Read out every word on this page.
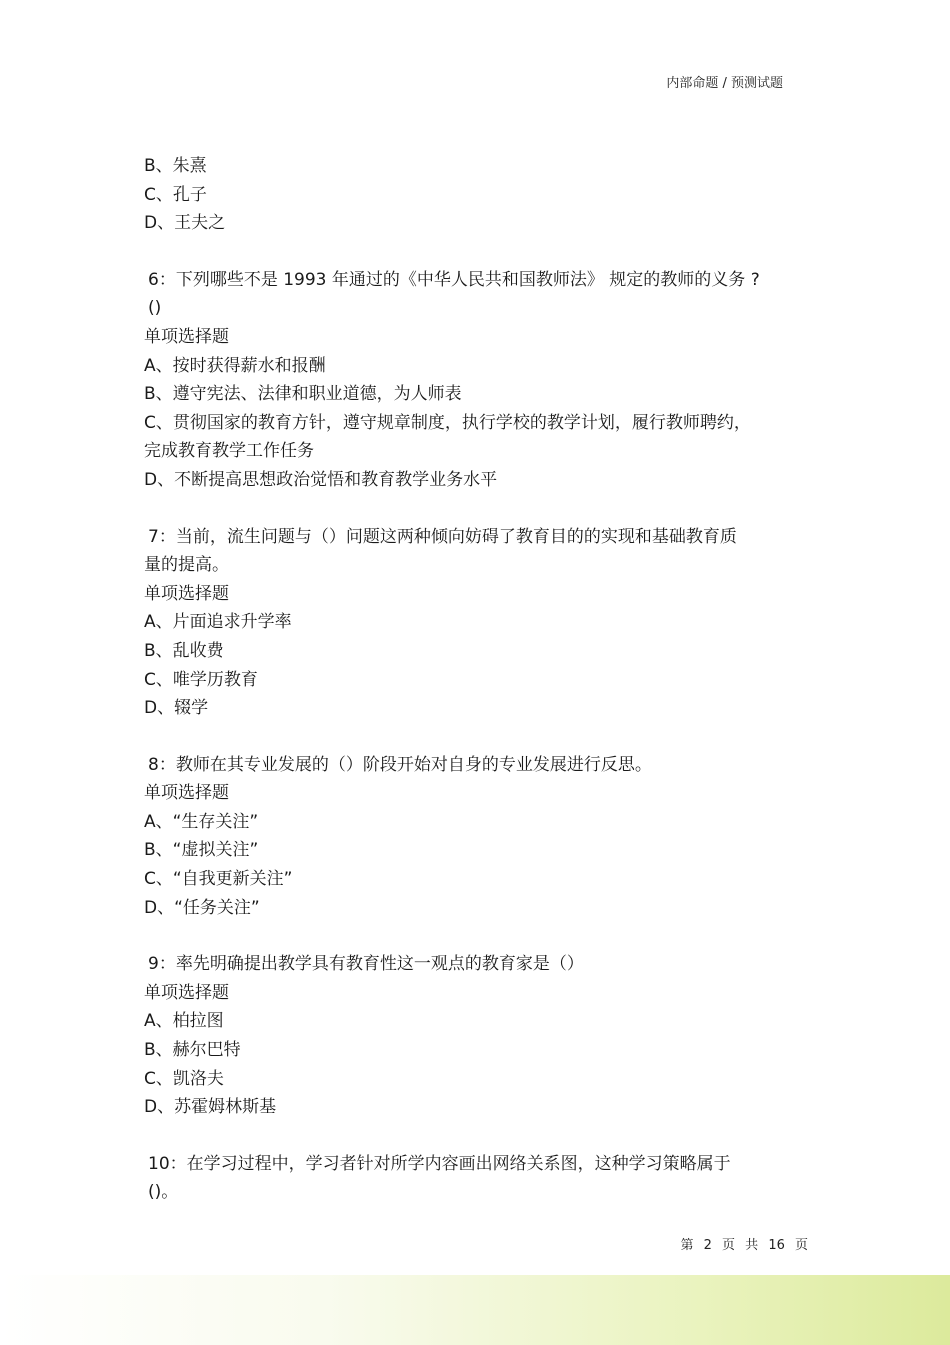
内部命题 / 预测试题
B、朱熹
C、孔子
D、王夫之
6：下列哪些不是 1993 年通过的《中华人民共和国教师法》 规定的教师的义务 ?
()
单项选择题
A、按时获得薪水和报酬
B、遵守宪法、法律和职业道德，为人师表
C、贯彻国家的教育方针，遵守规章制度，执行学校的教学计划，履行教师聘约，
完成教育教学工作任务
D、不断提高思想政治觉悟和教育教学业务水平
7：当前，流生问题与（）问题这两种倾向妨碍了教育目的的实现和基础教育质
量的提高。
单项选择题
A、片面追求升学率
B、乱收费
C、唯学历教育
D、辍学
8：教师在其专业发展的（）阶段开始对自身的专业发展进行反思。
单项选择题
A、“生存关注”
B、“虚拟关注”
C、“自我更新关注”
D、“任务关注”
9：率先明确提出教学具有教育性这一观点的教育家是（）
单项选择题
A、柏拉图
B、赫尔巴特
C、凯洛夫
D、苏霍姆林斯基
10：在学习过程中，学习者针对所学内容画出网络关系图，这种学习策略属于
()。
第 2 页 共 16 页
